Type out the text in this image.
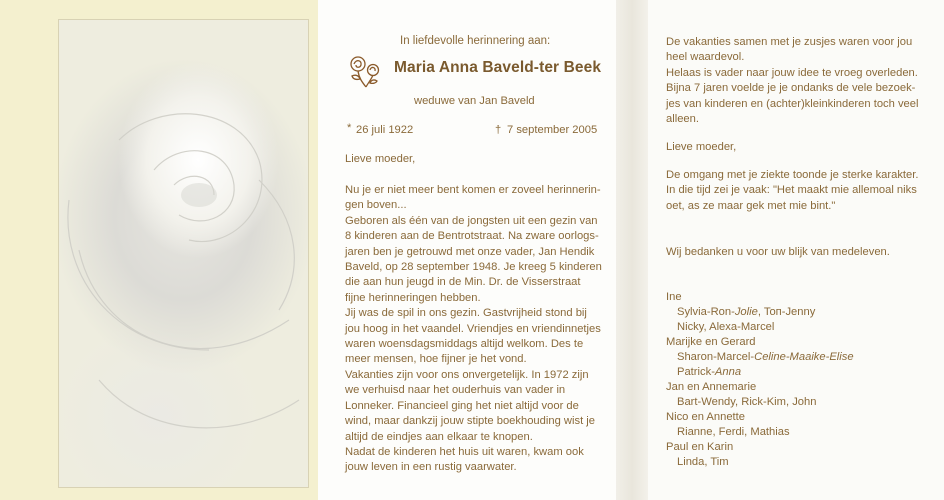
In liefdevolle herinnering aan:
Maria Anna Baveld-ter Beek
weduwe van Jan Baveld
* 26 juli 1922	† 7 september 2005
Lieve moeder,
Nu je er niet meer bent komen er zoveel herinnerin-
gen boven...
Geboren als één van de jongsten uit een gezin van
8 kinderen aan de Bentrotstraat. Na zware oorlogs-
jaren ben je getrouwd met onze vader, Jan Hendik
Baveld, op 28 september 1948. Je kreeg 5 kinderen
die aan hun jeugd in de Min. Dr. de Visserstraat
fijne herinneringen hebben.
Jij was de spil in ons gezin. Gastvrijheid stond bij
jou hoog in het vaandel. Vriendjes en vriendinnetjes
waren woensdagsmiddags altijd welkom. Des te
meer mensen, hoe fijner je het vond.
Vakanties zijn voor ons onvergetelijk. In 1972 zijn
we verhuisd naar het ouderhuis van vader in
Lonneker. Financieel ging het niet altijd voor de
wind, maar dankzij jouw stipte boekhouding wist je
altijd de eindjes aan elkaar te knopen.
Nadat de kinderen het huis uit waren, kwam ook
jouw leven in een rustig vaarwater.
De vakanties samen met je zusjes waren voor jou
heel waardevol.
Helaas is vader naar jouw idee te vroeg overleden.
Bijna 7 jaren voelde je je ondanks de vele bezoek-
jes van kinderen en (achter)kleinkinderen toch veel
alleen.
Lieve moeder,
De omgang met je ziekte toonde je sterke karakter.
In die tijd zei je vaak: "Het maakt mie allemoal niks
oet, as ze maar gek met mie bint."
Wij bedanken u voor uw blijk van medeleven.
Ine
Sylvia-Ron-Jolie, Toп-Jenny
Nicky, Alexa-Marcel
Marijke en Gerard
Sharon-Marcel-Celine-Maaike-Elise
Patrick-Anna
Jan en Annemarie
Bart-Wendy, Rick-Kim, John
Nico en Annette
Rianne, Ferdi, Mathias
Paul en Karin
Linda, Tim
